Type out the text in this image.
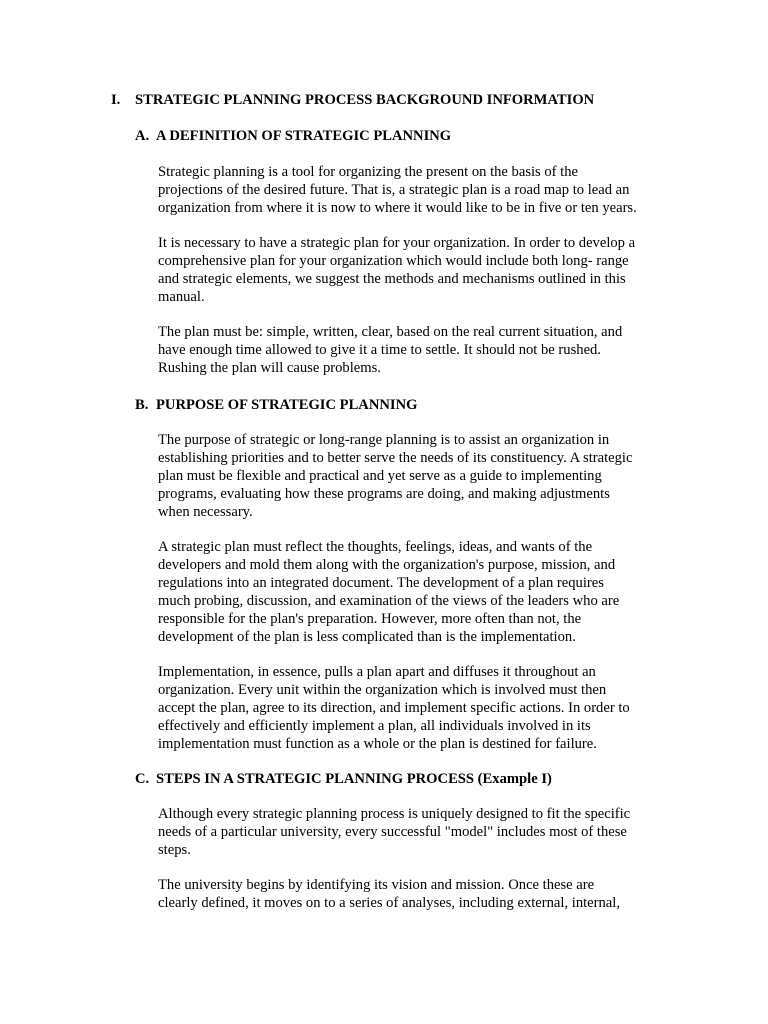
I. STRATEGIC PLANNING PROCESS BACKGROUND INFORMATION
A. A DEFINITION OF STRATEGIC PLANNING
Strategic planning is a tool for organizing the present on the basis of the
projections of the desired future. That is, a strategic plan is a road map to lead an
organization from where it is now to where it would like to be in five or ten years.
It is necessary to have a strategic plan for your organization. In order to develop a
comprehensive plan for your organization which would include both long- range
and strategic elements, we suggest the methods and mechanisms outlined in this
manual.
The plan must be: simple, written, clear, based on the real current situation, and
have enough time allowed to give it a time to settle. It should not be rushed.
Rushing the plan will cause problems.
B. PURPOSE OF STRATEGIC PLANNING
The purpose of strategic or long-range planning is to assist an organization in
establishing priorities and to better serve the needs of its constituency. A strategic
plan must be flexible and practical and yet serve as a guide to implementing
programs, evaluating how these programs are doing, and making adjustments
when necessary.
A strategic plan must reflect the thoughts, feelings, ideas, and wants of the
developers and mold them along with the organization's purpose, mission, and
regulations into an integrated document. The development of a plan requires
much probing, discussion, and examination of the views of the leaders who are
responsible for the plan's preparation. However, more often than not, the
development of the plan is less complicated than is the implementation.
Implementation, in essence, pulls a plan apart and diffuses it throughout an
organization. Every unit within the organization which is involved must then
accept the plan, agree to its direction, and implement specific actions. In order to
effectively and efficiently implement a plan, all individuals involved in its
implementation must function as a whole or the plan is destined for failure.
C. STEPS IN A STRATEGIC PLANNING PROCESS (Example I)
Although every strategic planning process is uniquely designed to fit the specific
needs of a particular university, every successful "model" includes most of these
steps.
The university begins by identifying its vision and mission. Once these are
clearly defined, it moves on to a series of analyses, including external, internal,
